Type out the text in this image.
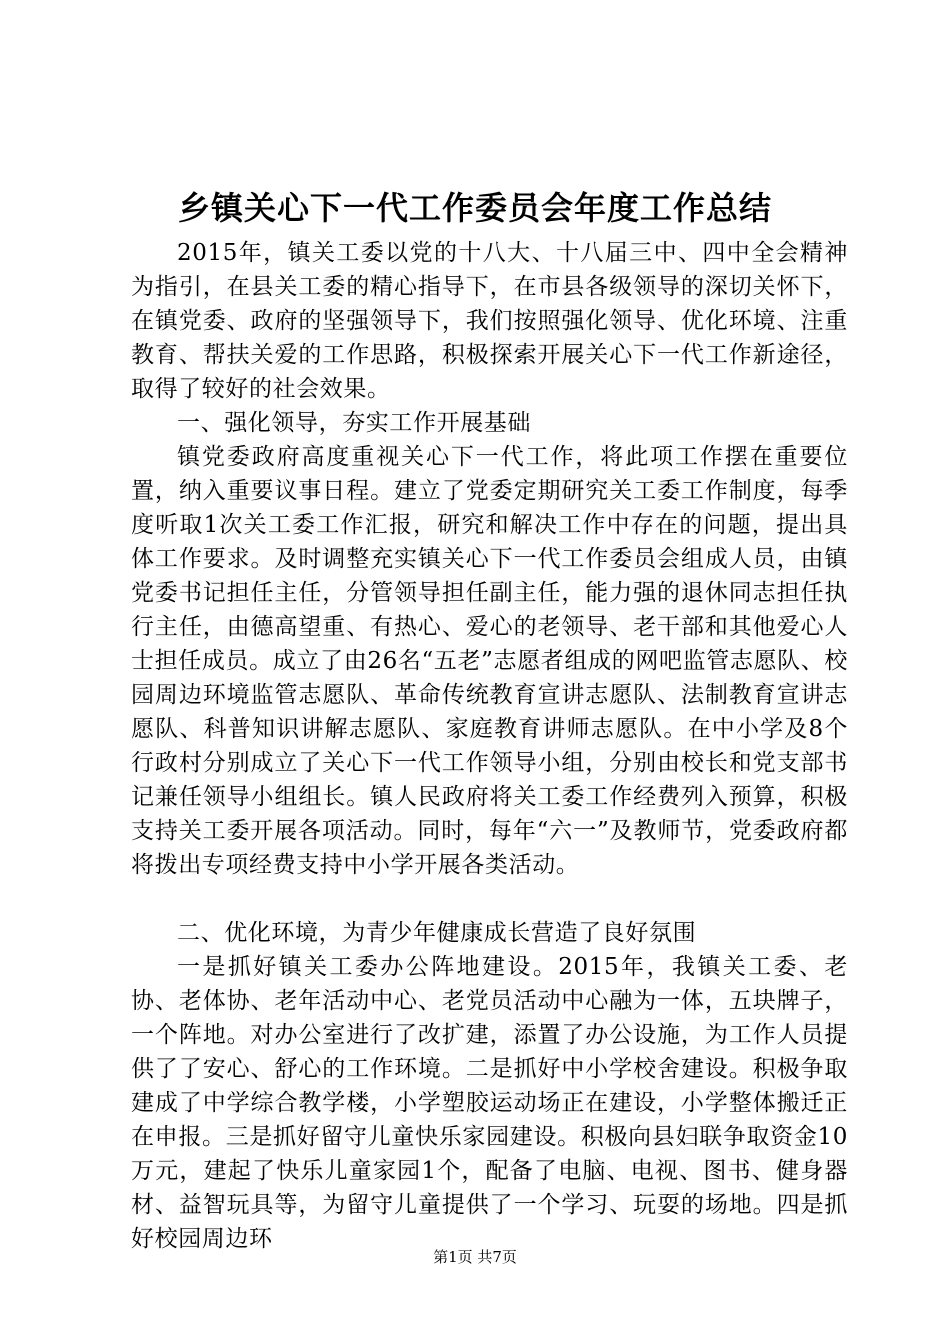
乡镇关心下一代工作委员会年度工作总结

2015年，镇关工委以党的十八大、十八届三中、四中全会精神为指引，在县关工委的精心指导下，在市县各级领导的深切关怀下，在镇党委、政府的坚强领导下，我们按照强化领导、优化环境、注重教育、帮扶关爱的工作思路，积极探索开展关心下一代工作新途径，取得了较好的社会效果。

一、强化领导，夯实工作开展基础

镇党委政府高度重视关心下一代工作，将此项工作摆在重要位置，纳入重要议事日程。建立了党委定期研究关工委工作制度，每季度听取1次关工委工作汇报，研究和解决工作中存在的问题，提出具体工作要求。及时调整充实镇关心下一代工作委员会组成人员，由镇党委书记担任主任，分管领导担任副主任，能力强的退休同志担任执行主任，由德高望重、有热心、爱心的老领导、老干部和其他爱心人士担任成员。成立了由26名“五老”志愿者组成的网吧监管志愿队、校园周边环境监管志愿队、革命传统教育宣讲志愿队、法制教育宣讲志愿队、科普知识讲解志愿队、家庭教育讲师志愿队。在中小学及8个行政村分别成立了关心下一代工作领导小组，分别由校长和党支部书记兼任领导小组组长。镇人民政府将关工委工作经费列入预算，积极支持关工委开展各项活动。同时，每年“六一”及教师节，党委政府都将拨出专项经费支持中小学开展各类活动。

二、优化环境，为青少年健康成长营造了良好氛围

一是抓好镇关工委办公阵地建设。2015年，我镇关工委、老协、老体协、老年活动中心、老党员活动中心融为一体，五块牌子，一个阵地。对办公室进行了改扩建，添置了办公设施，为工作人员提供了了安心、舒心的工作环境。二是抓好中小学校舍建设。积极争取建成了中学综合教学楼，小学塑胶运动场正在建设，小学整体搬迁正在申报。三是抓好留守儿童快乐家园建设。积极向县妇联争取资金10万元，建起了快乐儿童家园1个，配备了电脑、电视、图书、健身器材、益智玩具等，为留守儿童提供了一个学习、玩耍的场地。四是抓好校园周边环

第1页 共7页
